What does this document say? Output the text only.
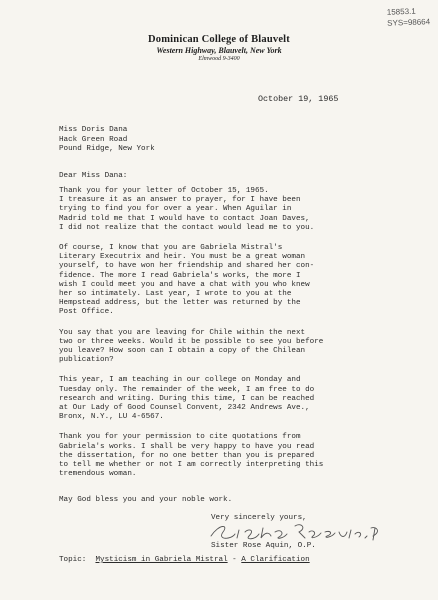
15853.1
SYS=98664
Dominican College of Blauvelt
Western Highway, Blauvelt, New York
Elmwood 9-3400
October 19, 1965
Miss Doris Dana
Hack Green Road
Pound Ridge, New York
Dear Miss Dana:
Thank you for your letter of October 15, 1965.
I treasure it as an answer to prayer, for I have been
trying to find you for over a year. When Aguilar in
Madrid told me that I would have to contact Joan Daves,
I did not realize that the contact would lead me to you.
Of course, I know that you are Gabriela Mistral's
Literary Executrix and heir. You must be a great woman
yourself, to have won her friendship and shared her con-
fidence. The more I read Gabriela's works, the more I
wish I could meet you and have a chat with you who knew
her so intimately. Last year, I wrote to you at the
Hempstead address, but the letter was returned by the
Post Office.
You say that you are leaving for Chile within the next
two or three weeks. Would it be possible to see you before
you leave? How soon can I obtain a copy of the Chilean
publication?
This year, I am teaching in our college on Monday and
Tuesday only. The remainder of the week, I am free to do
research and writing. During this time, I can be reached
at Our Lady of Good Counsel Convent, 2342 Andrews Ave.,
Bronx, N.Y., LU 4-6567.
Thank you for your permission to cite quotations from
Gabriela's works. I shall be very happy to have you read
the dissertation, for no one better than you is prepared
to tell me whether or not I am correctly interpreting this
tremendous woman.
May God bless you and your noble work.
Very sincerely yours,
Sister Rose Aquin, O.P.
Topic: Mysticism in Gabriela Mistral - A Clarification
